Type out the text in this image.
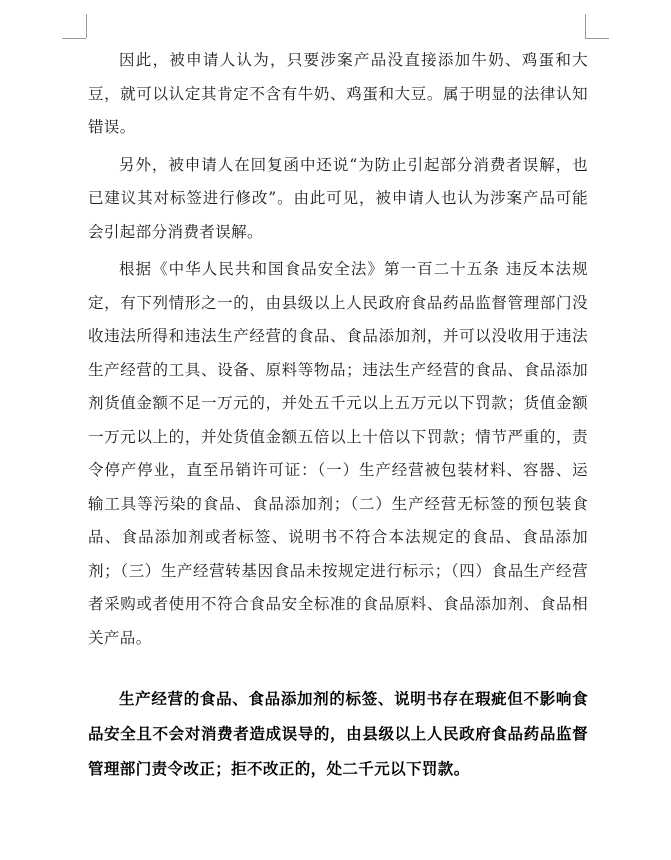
因此，被申请人认为，只要涉案产品没直接添加牛奶、鸡蛋和大豆，就可以认定其肯定不含有牛奶、鸡蛋和大豆。属于明显的法律认知错误。

另外，被申请人在回复函中还说“为防止引起部分消费者误解，也已建议其对标签进行修改”。由此可见，被申请人也认为涉案产品可能会引起部分消费者误解。

根据《中华人民共和国食品安全法》第一百二十五条 违反本法规定，有下列情形之一的，由县级以上人民政府食品药品监督管理部门没收违法所得和违法生产经营的食品、食品添加剂，并可以没收用于违法生产经营的工具、设备、原料等物品；违法生产经营的食品、食品添加剂货值金额不足一万元的，并处五千元以上五万元以下罚款；货值金额一万元以上的，并处货值金额五倍以上十倍以下罚款；情节严重的，责令停产停业，直至吊销许可证：（一）生产经营被包装材料、容器、运输工具等污染的食品、食品添加剂；（二）生产经营无标签的预包装食品、食品添加剂或者标签、说明书不符合本法规定的食品、食品添加剂；（三）生产经营转基因食品未按规定进行标示；（四）食品生产经营者采购或者使用不符合食品安全标准的食品原料、食品添加剂、食品相关产品。

生产经营的食品、食品添加剂的标签、说明书存在瑕疵但不影响食品安全且不会对消费者造成误导的，由县级以上人民政府食品药品监督管理部门责令改正；拒不改正的，处二千元以下罚款。
